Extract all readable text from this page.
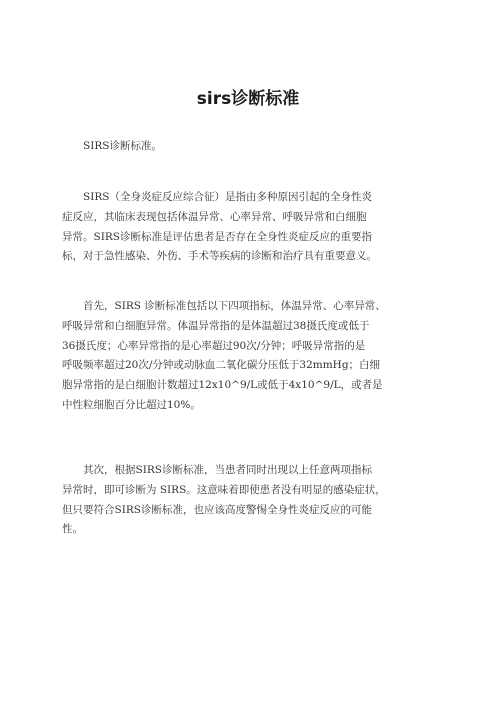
sirs诊断标准
　　SIRS诊断标准。
　　SIRS（全身炎症反应综合征）是指由多种原因引起的全身性炎
症反应，其临床表现包括体温异常、心率异常、呼吸异常和白细胞
异常。SIRS诊断标准是评估患者是否存在全身性炎症反应的重要指
标，对于急性感染、外伤、手术等疾病的诊断和治疗具有重要意义。
　　首先，SIRS 诊断标准包括以下四项指标，体温异常、心率异常、
呼吸异常和白细胞异常。体温异常指的是体温超过38摄氏度或低于
36摄氏度；心率异常指的是心率超过90次/分钟；呼吸异常指的是
呼吸频率超过20次/分钟或动脉血二氧化碳分压低于32mmHg；白细
胞异常指的是白细胞计数超过12x10^9/L或低于4x10^9/L，或者是
中性粒细胞百分比超过10%。
　　其次，根据SIRS诊断标准，当患者同时出现以上任意两项指标
异常时，即可诊断为 SIRS。这意味着即使患者没有明显的感染症状，
但只要符合SIRS诊断标准，也应该高度警惕全身性炎症反应的可能
性。
